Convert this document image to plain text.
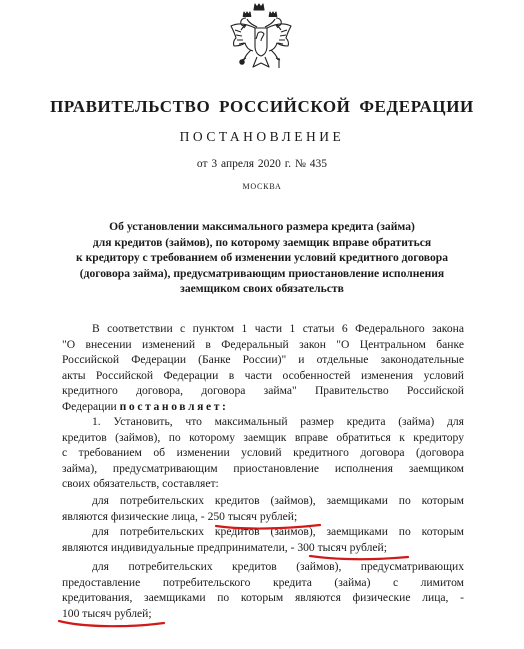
ПРАВИТЕЛЬСТВО РОССИЙСКОЙ ФЕДЕРАЦИИ
ПОСТАНОВЛЕНИЕ
от 3 апреля 2020 г. № 435
МОСКВА
Об установлении максимального размера кредита (займа)
для кредитов (займов), по которому заемщик вправе обратиться
к кредитору с требованием об изменении условий кредитного договора
(договора займа), предусматривающим приостановление исполнения
заемщиком своих обязательств
В соответствии с пунктом 1 части 1 статьи 6 Федерального закона
"О внесении изменений в Федеральный закон "О Центральном банке
Российской Федерации (Банке России)" и отдельные законодательные
акты Российской Федерации в части особенностей изменения условий
кредитного договора, договора займа" Правительство Российской
Федерации постановляет:
1. Установить, что максимальный размер кредита (займа) для
кредитов (займов), по которому заемщик вправе обратиться к кредитору
с требованием об изменении условий кредитного договора (договора
займа), предусматривающим приостановление исполнения заемщиком
своих обязательств, составляет:
для потребительских кредитов (займов), заемщиками по которым
являются физические лица, - 250 тысяч рублей;
для потребительских кредитов (займов), заемщиками по которым
являются индивидуальные предприниматели, - 300 тысяч рублей;
для потребительских кредитов (займов), предусматривающих
предоставление потребительского кредита (займа) с лимитом
кредитования, заемщиками по которым являются физические лица, -
100 тысяч рублей;
